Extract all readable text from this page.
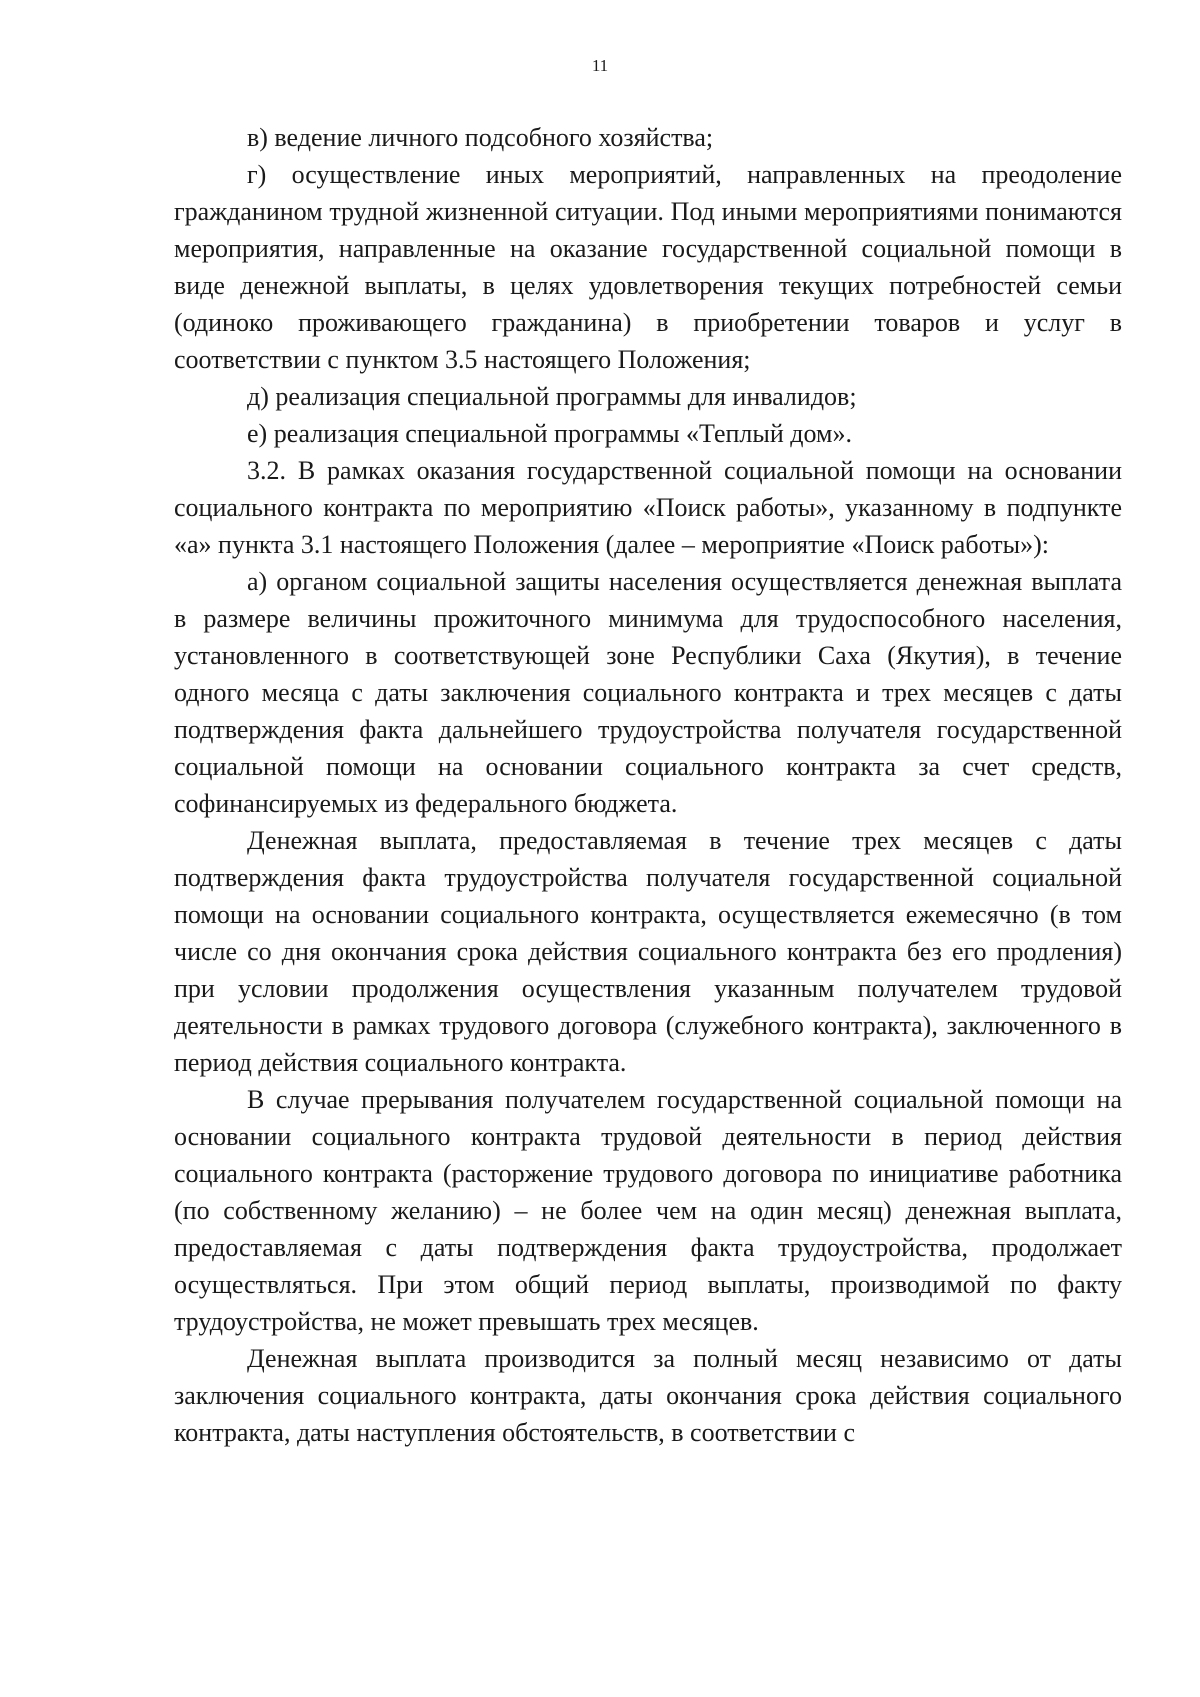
11

в) ведение личного подсобного хозяйства;

г) осуществление иных мероприятий, направленных на преодоление гражданином трудной жизненной ситуации. Под иными мероприятиями понимаются мероприятия, направленные на оказание государственной социальной помощи в виде денежной выплаты, в целях удовлетворения текущих потребностей семьи (одиноко проживающего гражданина) в приобретении товаров и услуг в соответствии с пунктом 3.5 настоящего Положения;

д) реализация специальной программы для инвалидов;

е) реализация специальной программы «Теплый дом».

3.2. В рамках оказания государственной социальной помощи на основании социального контракта по мероприятию «Поиск работы», указанному в подпункте «а» пункта 3.1 настоящего Положения (далее – мероприятие «Поиск работы»):

а) органом социальной защиты населения осуществляется денежная выплата в размере величины прожиточного минимума для трудоспособного населения, установленного в соответствующей зоне Республики Саха (Якутия), в течение одного месяца с даты заключения социального контракта и трех месяцев с даты подтверждения факта дальнейшего трудоустройства получателя государственной социальной помощи на основании социального контракта за счет средств, софинансируемых из федерального бюджета.

Денежная выплата, предоставляемая в течение трех месяцев с даты подтверждения факта трудоустройства получателя государственной социальной помощи на основании социального контракта, осуществляется ежемесячно (в том числе со дня окончания срока действия социального контракта без его продления) при условии продолжения осуществления указанным получателем трудовой деятельности в рамках трудового договора (служебного контракта), заключенного в период действия социального контракта.

В случае прерывания получателем государственной социальной помощи на основании социального контракта трудовой деятельности в период действия социального контракта (расторжение трудового договора по инициативе работника (по собственному желанию) – не более чем на один месяц) денежная выплата, предоставляемая с даты подтверждения факта трудоустройства, продолжает осуществляться. При этом общий период выплаты, производимой по факту трудоустройства, не может превышать трех месяцев.

Денежная выплата производится за полный месяц независимо от даты заключения социального контракта, даты окончания срока действия социального контракта, даты наступления обстоятельств, в соответствии с
